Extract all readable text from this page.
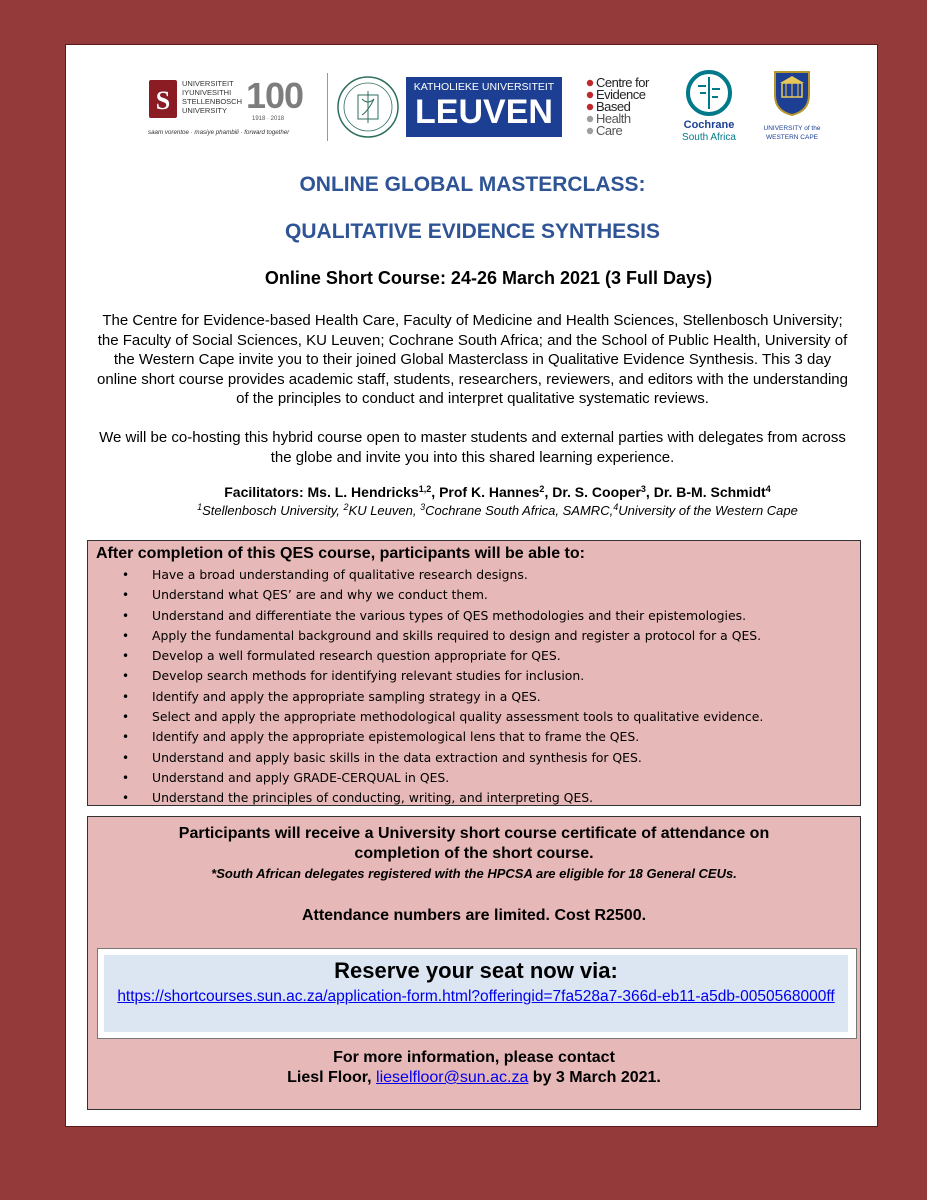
S
UNIVERSITEIT
IYUNIVESITHI
STELLENBOSCH
UNIVERSITY 100
1918 · 2018
saam vorentoe · masiye phambili · forward together
KATHOLIEKE UNIVERSITEIT
LEUVEN
Centre for
Evidence
Based
Health
Care	Cochrane
South Africa
UNIVERSITY of the
WESTERN CAPE
ONLINE GLOBAL MASTERCLASS:
QUALITATIVE EVIDENCE SYNTHESIS
Online Short Course: 24-26 March 2021 (3 Full Days)
The Centre for Evidence-based Health Care, Faculty of Medicine and Health Sciences, Stellenbosch University; the Faculty of Social Sciences, KU Leuven; Cochrane South Africa; and the School of Public Health, University of the Western Cape invite you to their joined Global Masterclass in Qualitative Evidence Synthesis. This 3 day online short course provides academic staff, students, researchers, reviewers, and editors with the understanding of the principles to conduct and interpret qualitative systematic reviews.
We will be co-hosting this hybrid course open to master students and external parties with delegates from across the globe and invite you into this shared learning experience.
Facilitators: Ms. L. Hendricks$^{1,2}$, Prof K. Hannes$^2$, Dr. S. Cooper$^3$, Dr. B-M. Schmidt$^4$
$^1$Stellenbosch University, $^2$KU Leuven, $^3$Cochrane South Africa, SAMRC,$^4$University of the Western Cape
After completion of this QES course, participants will be able to:
• Have a broad understanding of qualitative research designs.
• Understand what QES’ are and why we conduct them.
• Understand and differentiate the various types of QES methodologies and their epistemologies.
• Apply the fundamental background and skills required to design and register a protocol for a QES.
• Develop a well formulated research question appropriate for QES.
• Develop search methods for identifying relevant studies for inclusion.
• Identify and apply the appropriate sampling strategy in a QES.
• Select and apply the appropriate methodological quality assessment tools to qualitative evidence.
• Identify and apply the appropriate epistemological lens that to frame the QES.
• Understand and apply basic skills in the data extraction and synthesis for QES.
• Understand and apply GRADE-CERQUAL in QES.
• Understand the principles of conducting, writing, and interpreting QES.
Participants will receive a University short course certificate of attendance on completion of the short course.
*South African delegates registered with the HPCSA are eligible for 18 General CEUs.
Attendance numbers are limited. Cost R2500.
Reserve your seat now via:
https://shortcourses.sun.ac.za/application-form.html?offeringid=7fa528a7-366d-eb11-a5db-0050568000ff
For more information, please contact
Liesl Floor, lieselfloor@sun.ac.za by 3 March 2021.
